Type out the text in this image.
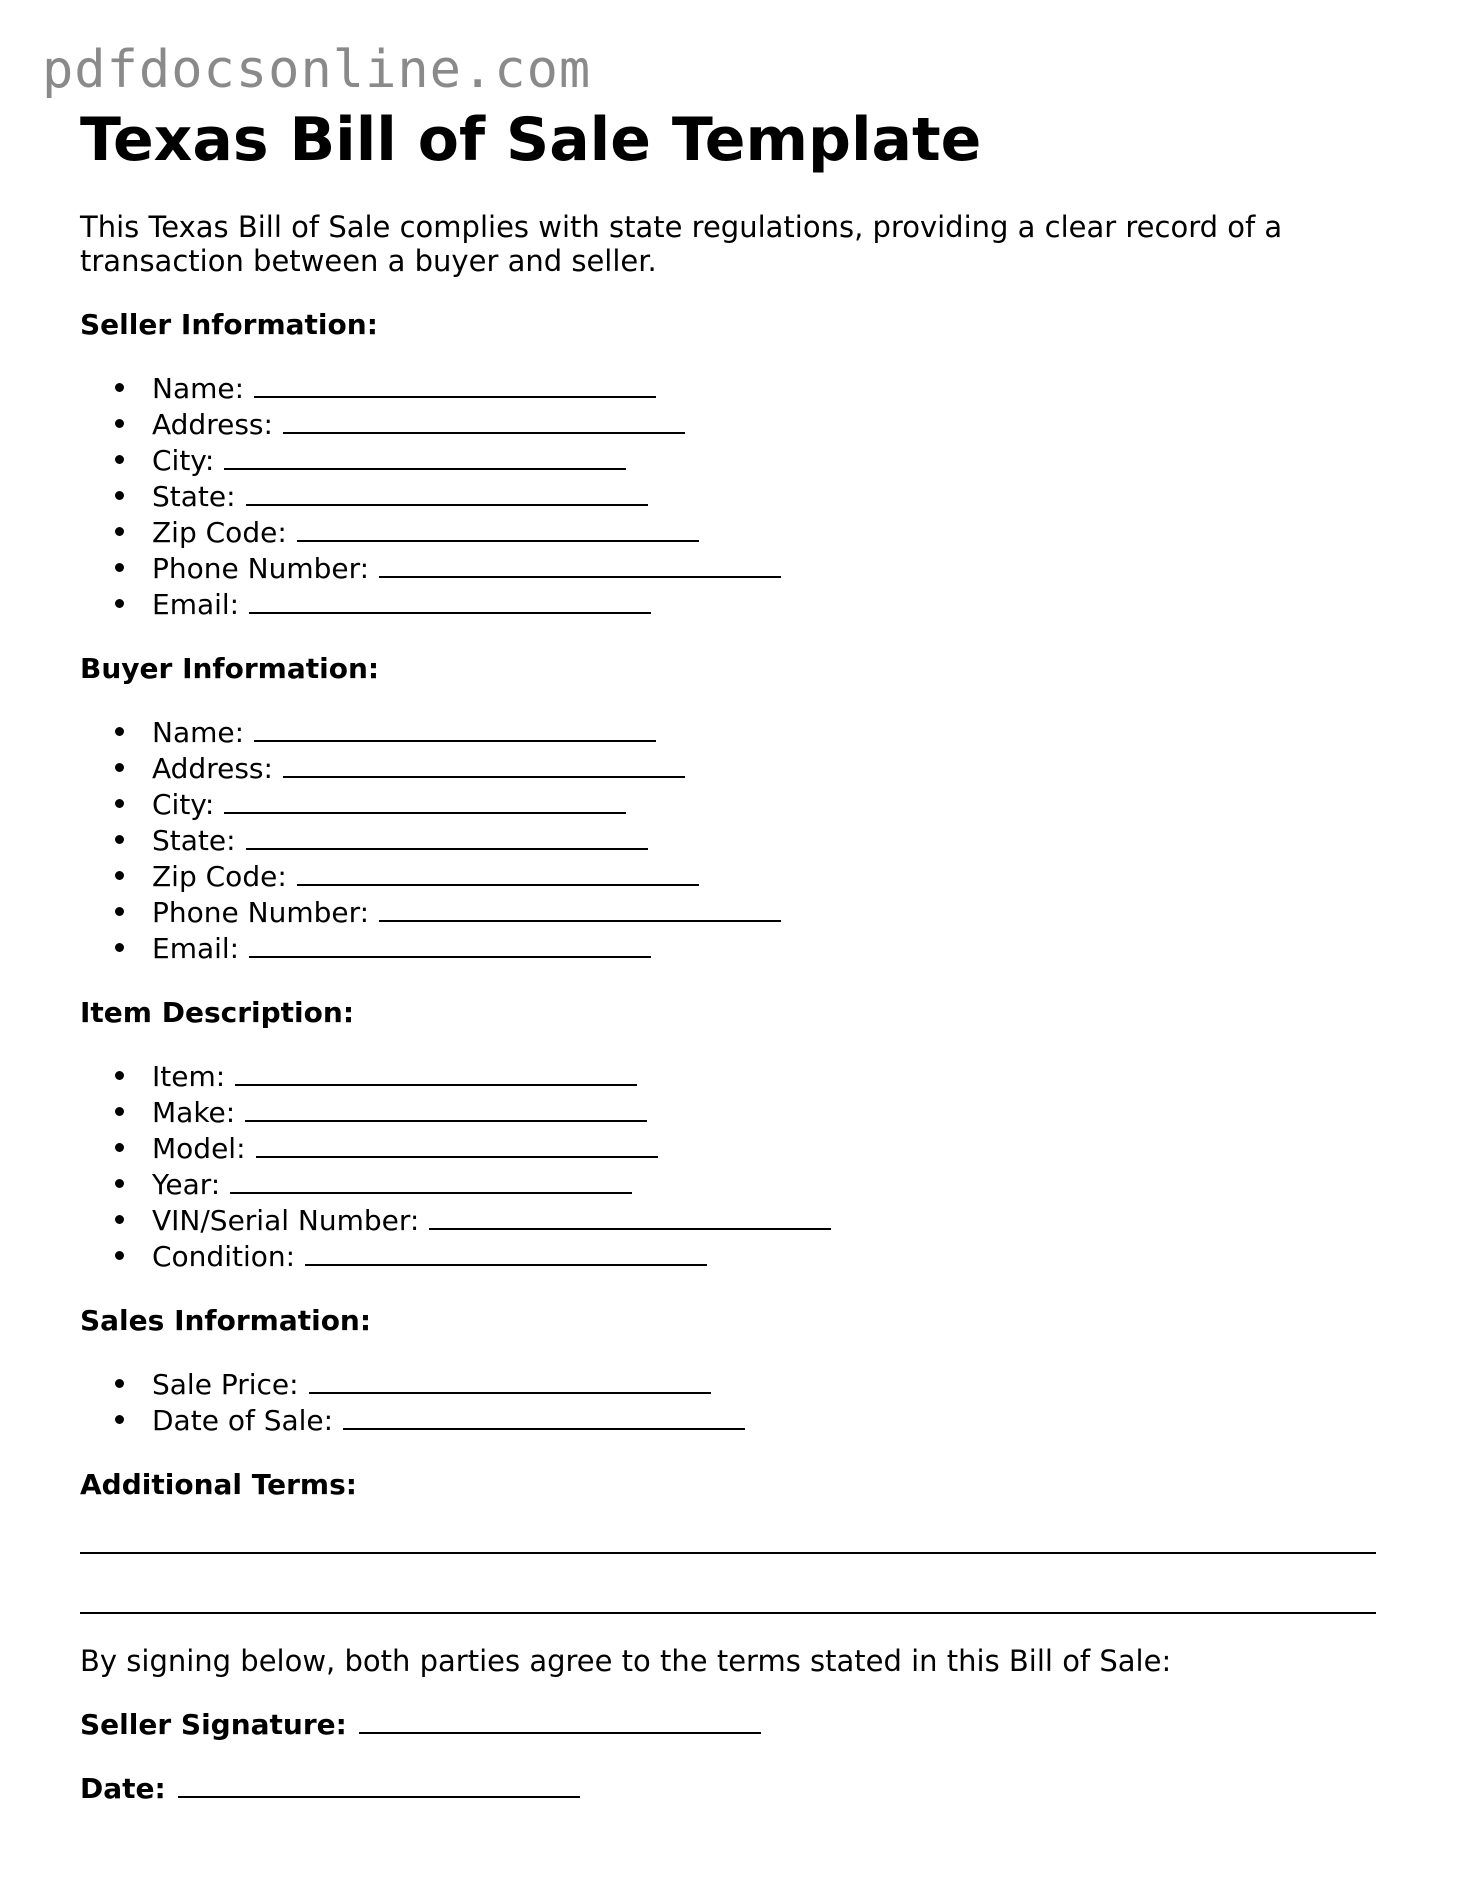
pdfdocsonline.com
Texas Bill of Sale Template

This Texas Bill of Sale complies with state regulations, providing a clear record of a transaction between a buyer and seller.

Seller Information:
Name:
Address:
City:
State:
Zip Code:
Phone Number:
Email:
Buyer Information:
Name:
Address:
City:
State:
Zip Code:
Phone Number:
Email:
Item Description:
Item:
Make:
Model:
Year:
VIN/Serial Number:
Condition:
Sales Information:
Sale Price:
Date of Sale:
Additional Terms:

By signing below, both parties agree to the terms stated in this Bill of Sale:

Seller Signature:

Date:
